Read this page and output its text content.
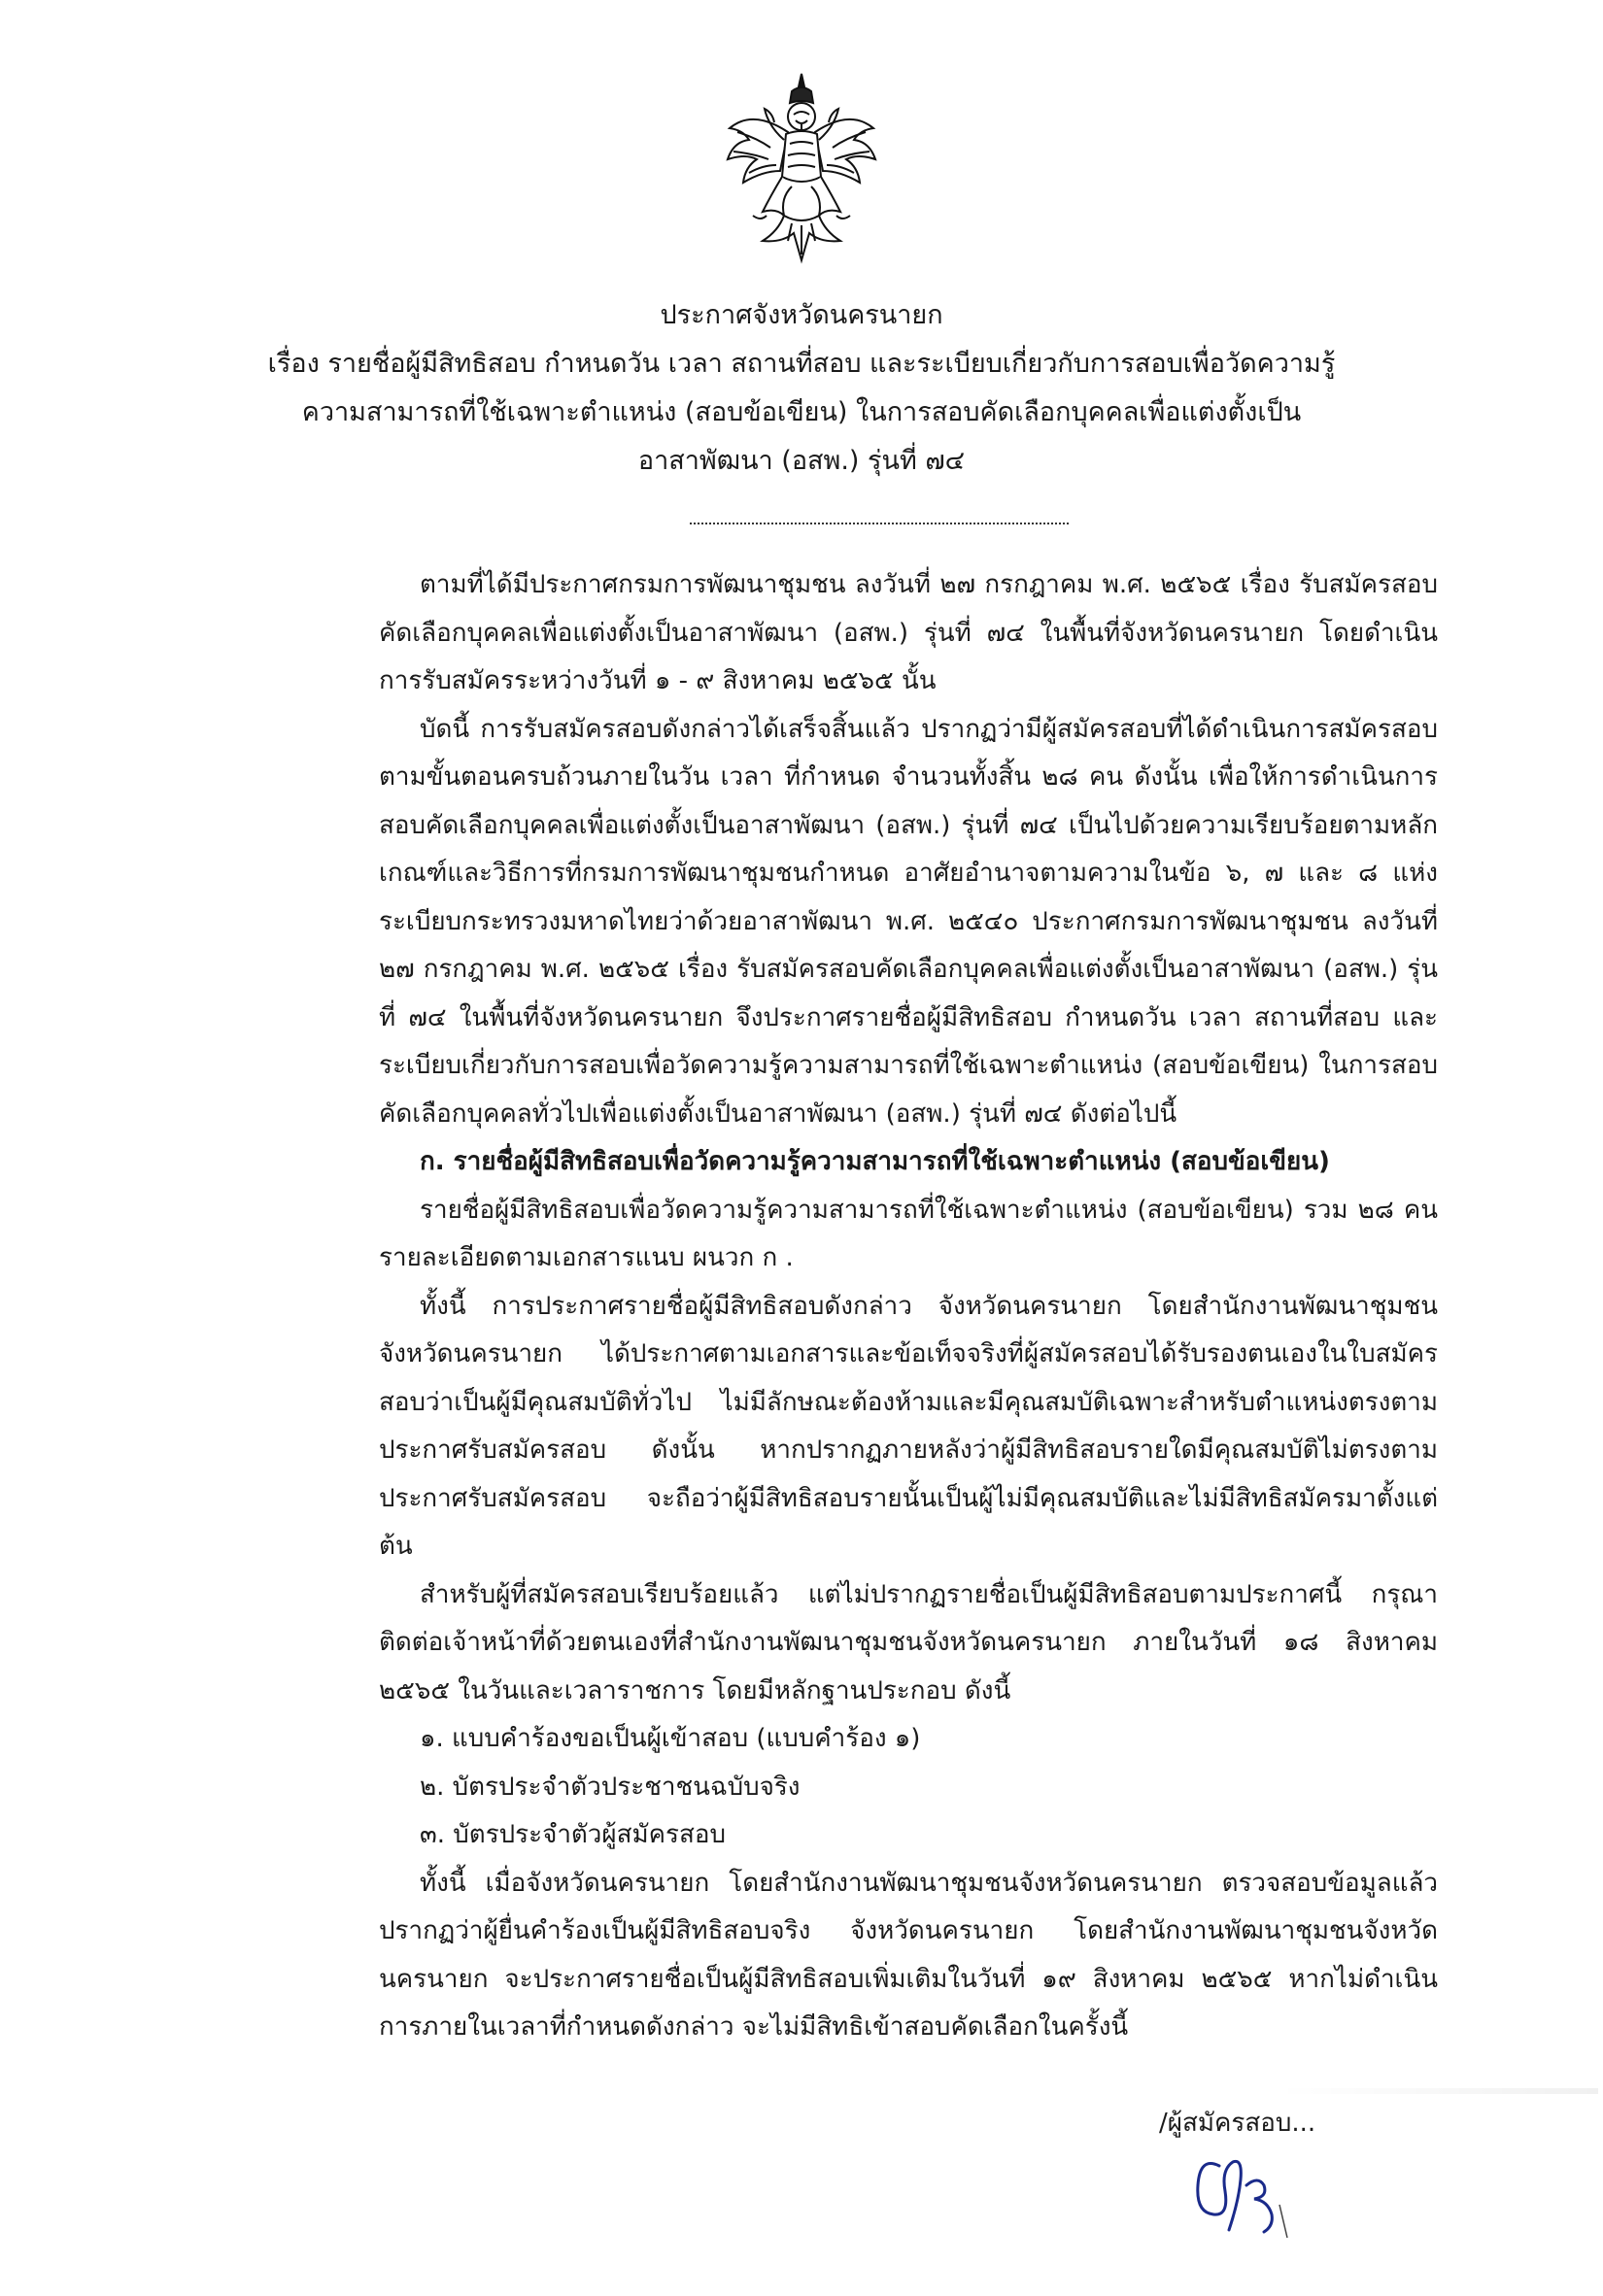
ประกาศจังหวัดนครนายก
เรื่อง รายชื่อผู้มีสิทธิสอบ กำหนดวัน เวลา สถานที่สอบ และระเบียบเกี่ยวกับการสอบเพื่อวัดความรู้
ความสามารถที่ใช้เฉพาะตำแหน่ง (สอบข้อเขียน) ในการสอบคัดเลือกบุคคลเพื่อแต่งตั้งเป็น
อาสาพัฒนา (อสพ.) รุ่นที่ ๗๔

ตามที่ได้มีประกาศกรมการพัฒนาชุมชน ลงวันที่ ๒๗ กรกฎาคม พ.ศ. ๒๕๖๕ เรื่อง รับสมัครสอบคัดเลือกบุคคลเพื่อแต่งตั้งเป็นอาสาพัฒนา (อสพ.) รุ่นที่ ๗๔ ในพื้นที่จังหวัดนครนายก โดยดำเนินการรับสมัครระหว่างวันที่ ๑ - ๙ สิงหาคม ๒๕๖๕ นั้น

บัดนี้ การรับสมัครสอบดังกล่าวได้เสร็จสิ้นแล้ว ปรากฏว่ามีผู้สมัครสอบที่ได้ดำเนินการสมัครสอบตามขั้นตอนครบถ้วนภายในวัน เวลา ที่กำหนด จำนวนทั้งสิ้น ๒๘ คน ดังนั้น เพื่อให้การดำเนินการสอบคัดเลือกบุคคลเพื่อแต่งตั้งเป็นอาสาพัฒนา (อสพ.) รุ่นที่ ๗๔ เป็นไปด้วยความเรียบร้อยตามหลักเกณฑ์และวิธีการที่กรมการพัฒนาชุมชนกำหนด อาศัยอำนาจตามความในข้อ ๖, ๗ และ ๘ แห่งระเบียบกระทรวงมหาดไทยว่าด้วยอาสาพัฒนา พ.ศ. ๒๕๔๐ ประกาศกรมการพัฒนาชุมชน ลงวันที่ ๒๗ กรกฎาคม พ.ศ. ๒๕๖๕ เรื่อง รับสมัครสอบคัดเลือกบุคคลเพื่อแต่งตั้งเป็นอาสาพัฒนา (อสพ.) รุ่นที่ ๗๔ ในพื้นที่จังหวัดนครนายก จึงประกาศรายชื่อผู้มีสิทธิสอบ กำหนดวัน เวลา สถานที่สอบ และระเบียบเกี่ยวกับการสอบเพื่อวัดความรู้ความสามารถที่ใช้เฉพาะตำแหน่ง (สอบข้อเขียน) ในการสอบคัดเลือกบุคคลทั่วไปเพื่อแต่งตั้งเป็นอาสาพัฒนา (อสพ.) รุ่นที่ ๗๔ ดังต่อไปนี้

ก. รายชื่อผู้มีสิทธิสอบเพื่อวัดความรู้ความสามารถที่ใช้เฉพาะตำแหน่ง (สอบข้อเขียน)

รายชื่อผู้มีสิทธิสอบเพื่อวัดความรู้ความสามารถที่ใช้เฉพาะตำแหน่ง (สอบข้อเขียน) รวม ๒๘ คน รายละเอียดตามเอกสารแนบ ผนวก ก .

ทั้งนี้ การประกาศรายชื่อผู้มีสิทธิสอบดังกล่าว จังหวัดนครนายก โดยสำนักงานพัฒนาชุมชนจังหวัดนครนายก ได้ประกาศตามเอกสารและข้อเท็จจริงที่ผู้สมัครสอบได้รับรองตนเองในใบสมัครสอบว่าเป็นผู้มีคุณสมบัติทั่วไป ไม่มีลักษณะต้องห้ามและมีคุณสมบัติเฉพาะสำหรับตำแหน่งตรงตามประกาศรับสมัครสอบ ดังนั้น หากปรากฏภายหลังว่าผู้มีสิทธิสอบรายใดมีคุณสมบัติไม่ตรงตามประกาศรับสมัครสอบ จะถือว่าผู้มีสิทธิสอบรายนั้นเป็นผู้ไม่มีคุณสมบัติและไม่มีสิทธิสมัครมาตั้งแต่ต้น

สำหรับผู้ที่สมัครสอบเรียบร้อยแล้ว แต่ไม่ปรากฏรายชื่อเป็นผู้มีสิทธิสอบตามประกาศนี้ กรุณาติดต่อเจ้าหน้าที่ด้วยตนเองที่สำนักงานพัฒนาชุมชนจังหวัดนครนายก ภายในวันที่ ๑๘ สิงหาคม ๒๕๖๕ ในวันและเวลาราชการ โดยมีหลักฐานประกอบ ดังนี้

๑. แบบคำร้องขอเป็นผู้เข้าสอบ (แบบคำร้อง ๑)

๒. บัตรประจำตัวประชาชนฉบับจริง

๓. บัตรประจำตัวผู้สมัครสอบ

ทั้งนี้ เมื่อจังหวัดนครนายก โดยสำนักงานพัฒนาชุมชนจังหวัดนครนายก ตรวจสอบข้อมูลแล้ว ปรากฏว่าผู้ยื่นคำร้องเป็นผู้มีสิทธิสอบจริง จังหวัดนครนายก โดยสำนักงานพัฒนาชุมชนจังหวัดนครนายก จะประกาศรายชื่อเป็นผู้มีสิทธิสอบเพิ่มเติมในวันที่ ๑๙ สิงหาคม ๒๕๖๕ หากไม่ดำเนินการภายในเวลาที่กำหนดดังกล่าว จะไม่มีสิทธิเข้าสอบคัดเลือกในครั้งนี้

/ผู้สมัครสอบ...
